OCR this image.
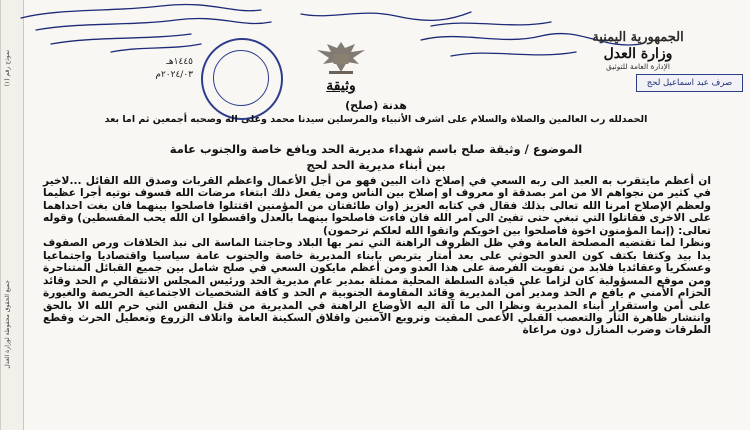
نموذج رقم (١)
جميع الحقوق محفوظة لوزارة العدل
الجمهورية اليمنية
وزارة العدل
الإدارة العامة للتوثيق
صرف عبد اسماعيل لحج
وثيقة
١٤٤٥هـ
٢٠٢٤/٠٣م
هدنة (صلح)
الحمدلله رب العالمين والصلاة والسلام على اشرف الأنبياء والمرسلين سيدنا محمد وعلى اله وصحبه أجمعين ثم اما بعد
الموضوع / وثيقة صلح باسم شهداء مديرية الحد ويافع خاصة والجنوب عامة
بين أبناء مديرية الحد لحج

ان أعظم مايتقرب به العبد الى ربه السعي في إصلاح ذات البين فهو من أجل الأعمال واعظم القربات وصدق الله القائل ...لاخير في كثير من نجواهم الا من امر بصدقة او معروف او إصلاح بين الناس ومن يفعل ذلك ابتغاء مرضات الله فسوف نوتيه أجرا عظيما ولعظم الإصلاح امرنا الله تعالى بذلك فقال في كتابه العزيز (وان طائفتان من المؤمنين اقتتلوا فاصلحوا بينهما فان بغت احداهما على الاخرى فقاتلوا التي تبغي حتى تفيئ الى امر الله فان فاءت فاصلحوا بينهما بالعدل واقسطوا ان الله يحب المقسطين) وقوله تعالى: (إنما المؤمنون اخوة فاصلحوا بين اخويكم واتقوا الله لعلكم ترحمون)

ونظرا لما تقتضيه المصلحة العامة وفي ظل الظروف الراهنة التي تمر بها البلاد وحاجتنا الماسة الى نبذ الخلافات ورص الصفوف يدا بيد وكتفا بكتف كون العدو الحوثي على بعد أمتار يتربص بابناء المديرية خاصة والجنوب عامة سياسيا واقتصاديا واجتماعيا وعسكريا وعقائديا فلابد من تفويت الفرصة على هذا العدو ومن أعظم مايكون السعي في صلح شامل بين جميع القبائل المتناحرة ومن موقع المسؤولية كان لزاما على قيادة السلطة المحلية ممثلة بمدير عام مديرية الحد ورئيس المجلس الانتقالي م الحد وقائد الحزام الأمني م يافع م الحد ومدير أمن المديرية وقائد المقاومة الجنوبية م الحد و كافة الشخصيات الاجتماعية الحريصة والغيورة على أمن واستقرار أبناء المديرية ونظرا الى ما آلة اليه الأوضاع الراهنة في المديرية من قتل النفس التي حرم الله الا بالحق وانتشار ظاهرة الثأر والتعصب القبلي الأعمى المقيت وترويع الآمنين واقلاق السكينة العامة واتلاف الزروع وتعطيل الحرث وقطع الطرقات وضرب المنازل دون مراعاة
